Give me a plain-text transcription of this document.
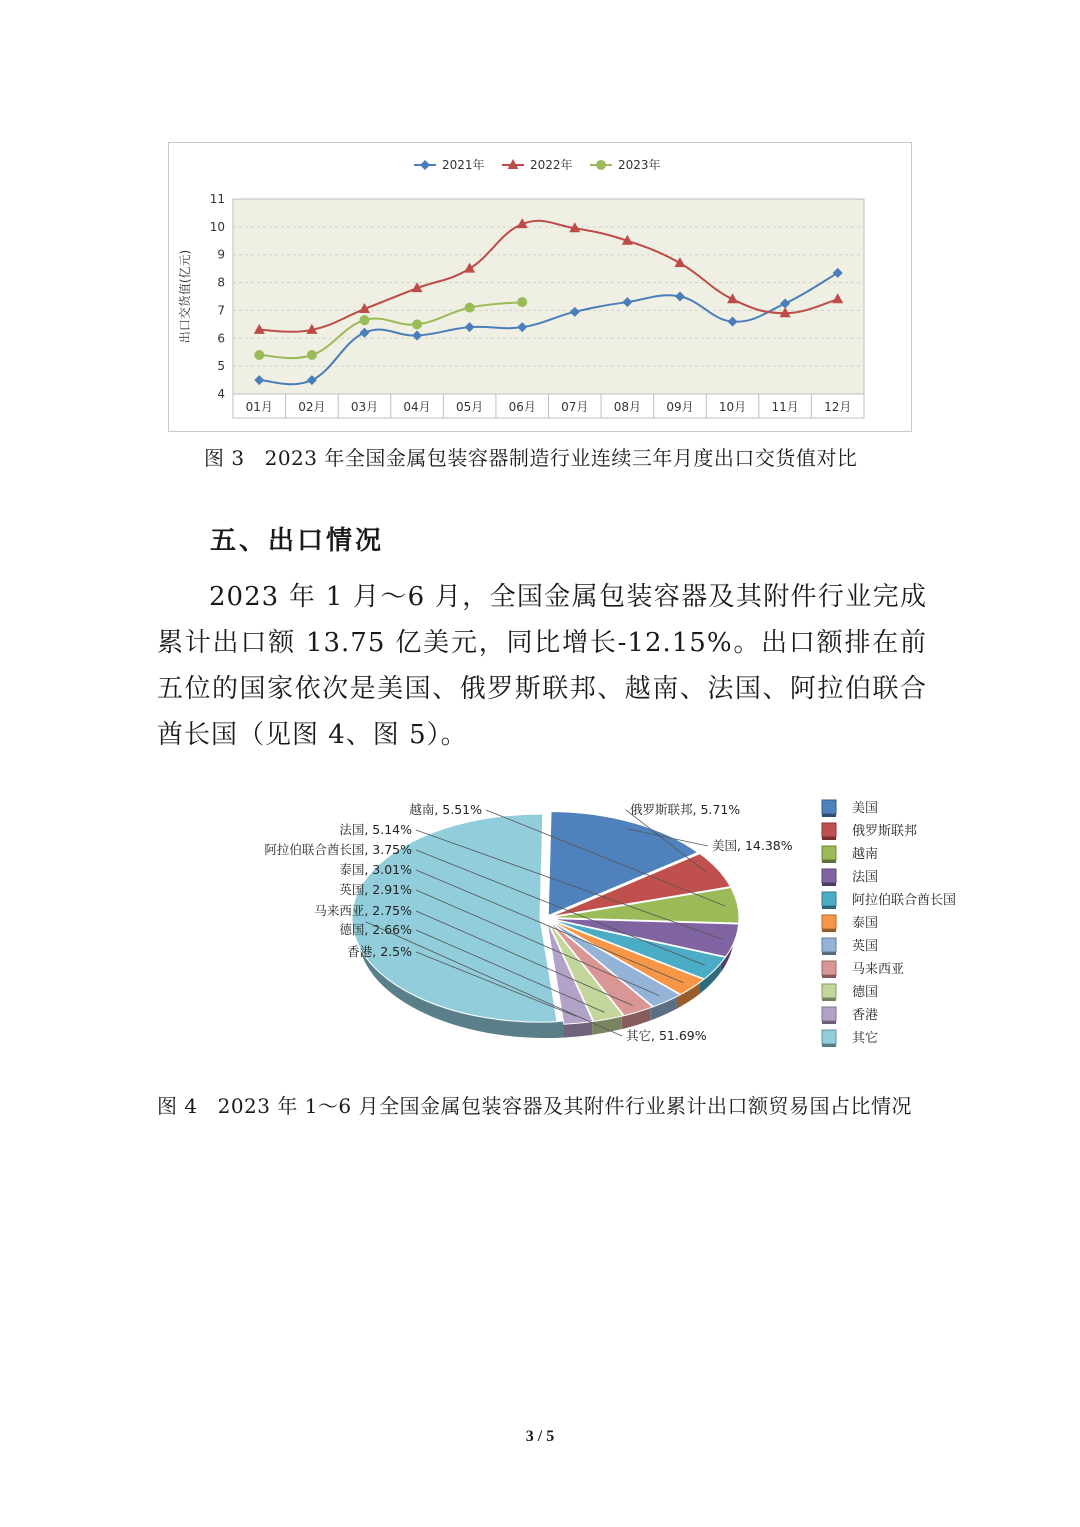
4
5
6
7
8
9
10
11
出口交货值(亿元)
01月 02月 03月 04月 05月 06月 07月 08月 09月 10月 11月 12月
2021年	2022年	2023年
图 3 2023 年全国金属包装容器制造行业连续三年月度出口交货值对比
五、出口情况
2023 年 1 月～6 月，全国金属包装容器及其附件行业完成累计出口额 13.75 亿美元，同比增长-12.15%。出口额排在前五位的国家依次是美国、俄罗斯联邦、越南、法国、阿拉伯联合酋长国（见图 4、图 5）。
美国, 14.38%
俄罗斯联邦, 5.71%
越南, 5.51%
法国, 5.14%
阿拉伯联合酋长国, 3.75%
泰国, 3.01%
英国, 2.91%
马来西亚, 2.75%
德国, 2.66%
香港, 2.5%
其它, 51.69%
美国
俄罗斯联邦
越南
法国
阿拉伯联合酋长国
泰国
英国
马来西亚
德国
香港
其它
图 4 2023 年 1～6 月全国金属包装容器及其附件行业累计出口额贸易国占比情况
3 / 5
